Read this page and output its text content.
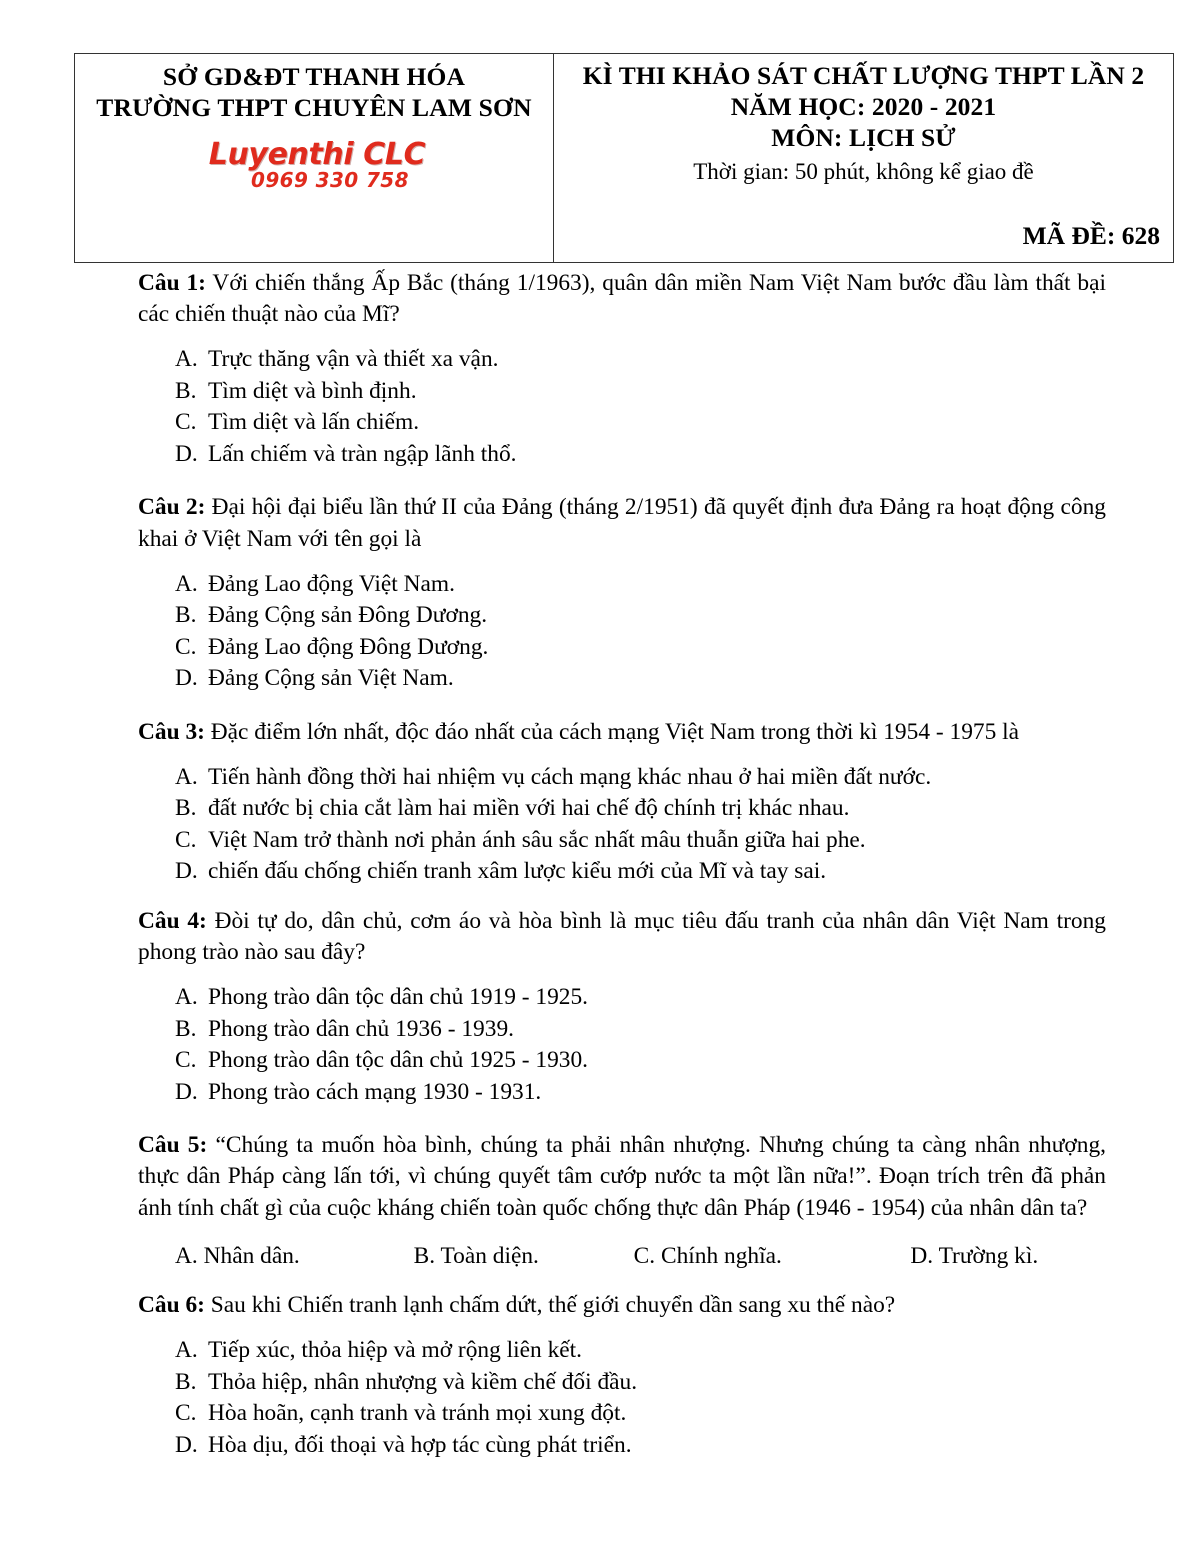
SỞ GD&ĐT THANH HÓA
TRƯỜNG THPT CHUYÊN LAM SƠN
Luyenthi CLC
0969 330 758
KÌ THI KHẢO SÁT CHẤT LƯỢNG THPT LẦN 2
NĂM HỌC: 2020 - 2021
MÔN: LỊCH SỬ
Thời gian: 50 phút, không kể giao đề
MÃ ĐỀ: 628

Câu 1: Với chiến thắng Ấp Bắc (tháng 1/1963), quân dân miền Nam Việt Nam bước đầu làm thất bại các chiến thuật nào của Mĩ?

A. Trực thăng vận và thiết xa vận.
B. Tìm diệt và bình định.
C. Tìm diệt và lấn chiếm.
D. Lấn chiếm và tràn ngập lãnh thổ.

Câu 2: Đại hội đại biểu lần thứ II của Đảng (tháng 2/1951) đã quyết định đưa Đảng ra hoạt động công khai ở Việt Nam với tên gọi là

A. Đảng Lao động Việt Nam.
B. Đảng Cộng sản Đông Dương.
C. Đảng Lao động Đông Dương.
D. Đảng Cộng sản Việt Nam.

Câu 3: Đặc điểm lớn nhất, độc đáo nhất của cách mạng Việt Nam trong thời kì 1954 - 1975 là

A. Tiến hành đồng thời hai nhiệm vụ cách mạng khác nhau ở hai miền đất nước.
B. đất nước bị chia cắt làm hai miền với hai chế độ chính trị khác nhau.
C. Việt Nam trở thành nơi phản ánh sâu sắc nhất mâu thuẫn giữa hai phe.
D. chiến đấu chống chiến tranh xâm lược kiểu mới của Mĩ và tay sai.

Câu 4: Đòi tự do, dân chủ, cơm áo và hòa bình là mục tiêu đấu tranh của nhân dân Việt Nam trong phong trào nào sau đây?

A. Phong trào dân tộc dân chủ 1919 - 1925.
B. Phong trào dân chủ 1936 - 1939.
C. Phong trào dân tộc dân chủ 1925 - 1930.
D. Phong trào cách mạng 1930 - 1931.

Câu 5: “Chúng ta muốn hòa bình, chúng ta phải nhân nhượng. Nhưng chúng ta càng nhân nhượng, thực dân Pháp càng lấn tới, vì chúng quyết tâm cướp nước ta một lần nữa!”. Đoạn trích trên đã phản ánh tính chất gì của cuộc kháng chiến toàn quốc chống thực dân Pháp (1946 - 1954) của nhân dân ta?

A. Nhân dân.	B. Toàn diện.	C. Chính nghĩa.	D. Trường kì.

Câu 6: Sau khi Chiến tranh lạnh chấm dứt, thế giới chuyển dần sang xu thế nào?

A. Tiếp xúc, thỏa hiệp và mở rộng liên kết.
B. Thỏa hiệp, nhân nhượng và kiềm chế đối đầu.
C. Hòa hoãn, cạnh tranh và tránh mọi xung đột.
D. Hòa dịu, đối thoại và hợp tác cùng phát triển.
